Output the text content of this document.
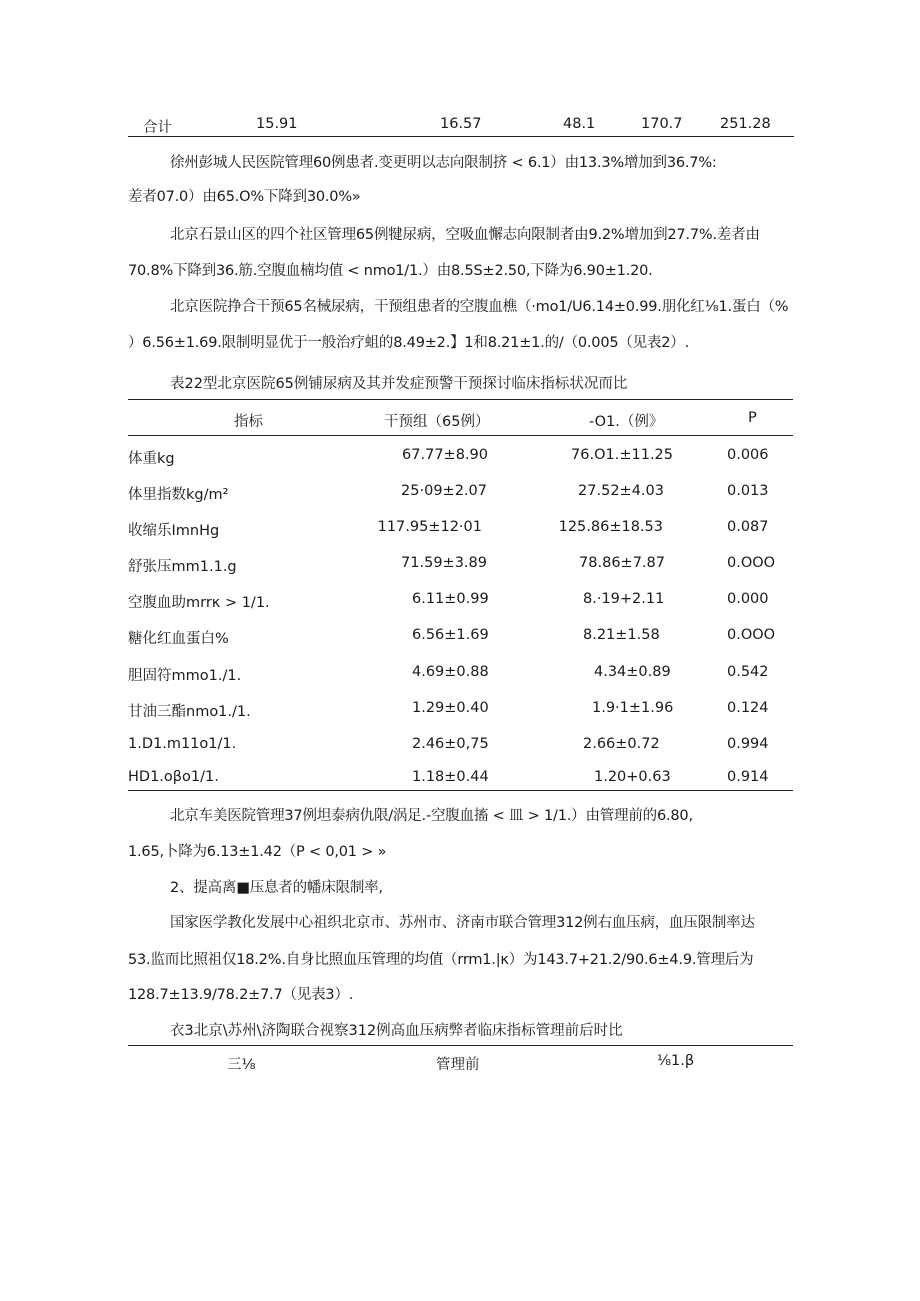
合计	15.91	16.57	48.1	170.7	251.28
徐州彭城人民医院管理60例患者.变更明以志向限制挤 < 6.1）由13.3%增加到36.7%:
差者07.0）由65.O%下降到30.0%»
北京石景山区的四个社区管理65例犍尿病，空吸血懈志向限制者由9.2%增加到27.7%.差者由
70.8%下降到36.筋.空腹血楠均值 < nmo1/1.）由8.5S±2.50,下降为6.90±1.20.
北京医院挣合干预65名械尿病，干预组患者的空腹血樵（·mo1/U6.14±0.99.朋化红⅛1.蛋白（%
）6.56±1.69.限制明显优于一般治疗蛆的8.49±2.】1和8.21±1.的/（0.005（见表2）.
表22型北京医院65例铺尿病及其并发症预警干预探讨临床指标状况而比
指标	干预组（65例）	-O1.（例》	P
体重kg	67.77±8.90	76.O1.±11.25	0.006
体里指数kg/m²	25·09±2.07	27.52±4.03	0.013
收缩乐ImnHg	117.95±12·01	125.86±18.53	0.087
舒张压mm1.1.g	71.59±3.89	78.86±7.87	0.OOO
空腹血助mrrκ > 1/1.	6.11±0.99	8.·19+2.11	0.000
糖化红血蛋白%	6.56±1.69	8.21±1.58	0.OOO
胆固符mmo1./1.	4.69±0.88	4.34±0.89	0.542
甘油三酯nmo1./1.	1.29±0.40	1.9·1±1.96	0.124
1.D1.m11o1/1.	2.46±0,75	2.66±0.72	0.994
HD1.οβο1/1.	1.18±0.44	1.20+0.63	0.914
北京车美医院管理37例坦泰病仇限/涡足.-空腹血搐 < 皿 > 1/1.）由管理前的6.80,
1.65,卜降为6.13±1.42（P < 0,01 > »
2、提高离■压息者的幡床限制率,
国家医学教化发展中心祖织北京市、苏州市、济南市联合管理312例右血压病，血压限制率达
53.监而比照祖仅18.2%.自身比照血压管理的均值（rrm1.|κ）为143.7+21.2/90.6±4.9.管理后为
128.7±13.9/78.2±7.7（见表3）.
衣3北京\苏州\济陶联合视察312例高血压病弊者临床指标管理前后时比
三⅛	管理前	⅛1.β
